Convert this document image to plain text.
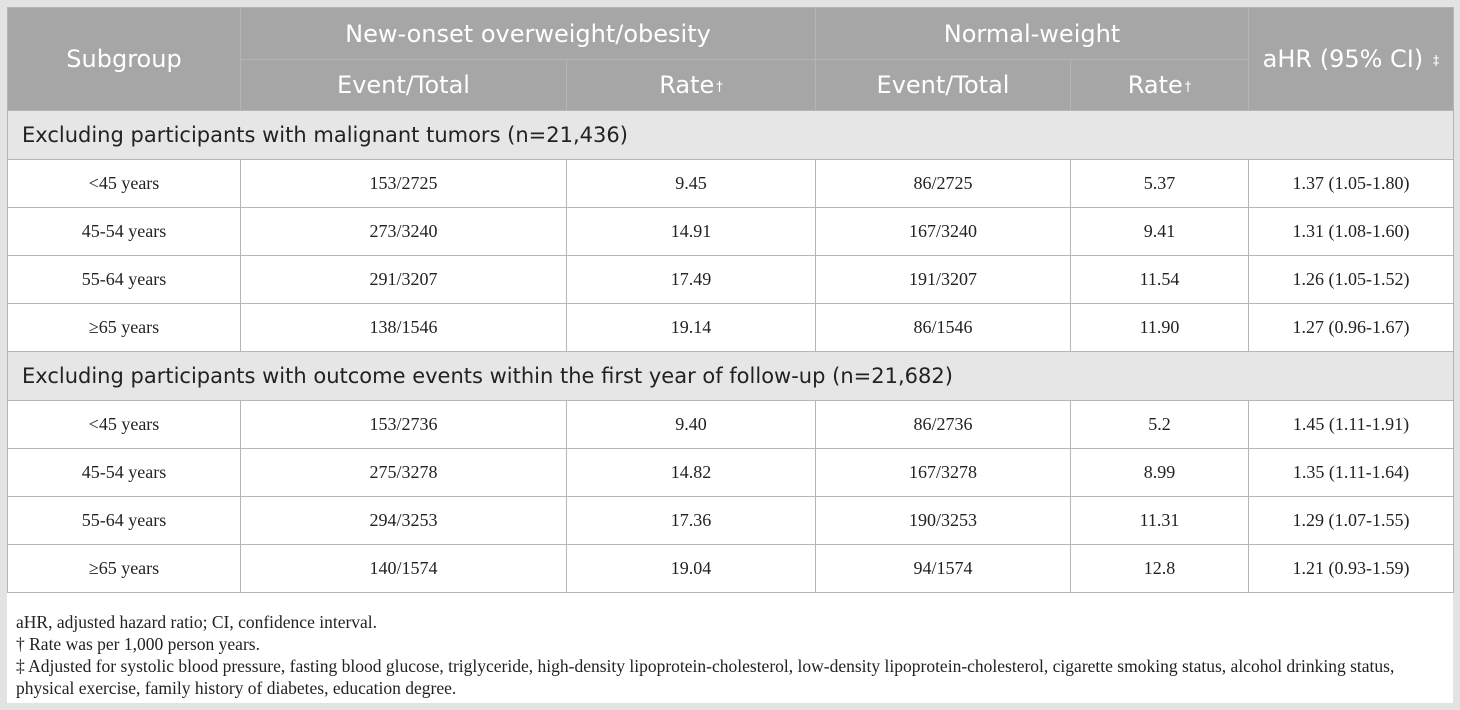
Subgroup	New-onset overweight/obesity		Normal-weight		aHR (95% CI) ‡
	Event/Total	Rate †	Event/Total	Rate †
Excluding participants with malignant tumors (n=21,436)					
<45 years	153/2725	9.45	86/2725	5.37	1.37 (1.05-1.80)
45-54 years	273/3240	14.91	167/3240	9.41	1.31 (1.08-1.60)
55-64 years	291/3207	17.49	191/3207	11.54	1.26 (1.05-1.52)
≥65 years	138/1546	19.14	86/1546	11.90	1.27 (0.96-1.67)
Excluding participants with outcome events within the first year of follow-up (n=21,682)					
<45 years	153/2736	9.40	86/2736	5.2	1.45 (1.11-1.91)
45-54 years	275/3278	14.82	167/3278	8.99	1.35 (1.11-1.64)
55-64 years	294/3253	17.36	190/3253	11.31	1.29 (1.07-1.55)
≥65 years	140/1574	19.04	94/1574	12.8	1.21 (0.93-1.59)
aHR, adjusted hazard ratio; CI, confidence interval.
† Rate was per 1,000 person years.
‡ Adjusted for systolic blood pressure, fasting blood glucose, triglyceride, high-density lipoprotein-cholesterol, low-density lipoprotein-cholesterol, cigarette smoking status, alcohol drinking status, physical exercise, family history of diabetes, education degree.
